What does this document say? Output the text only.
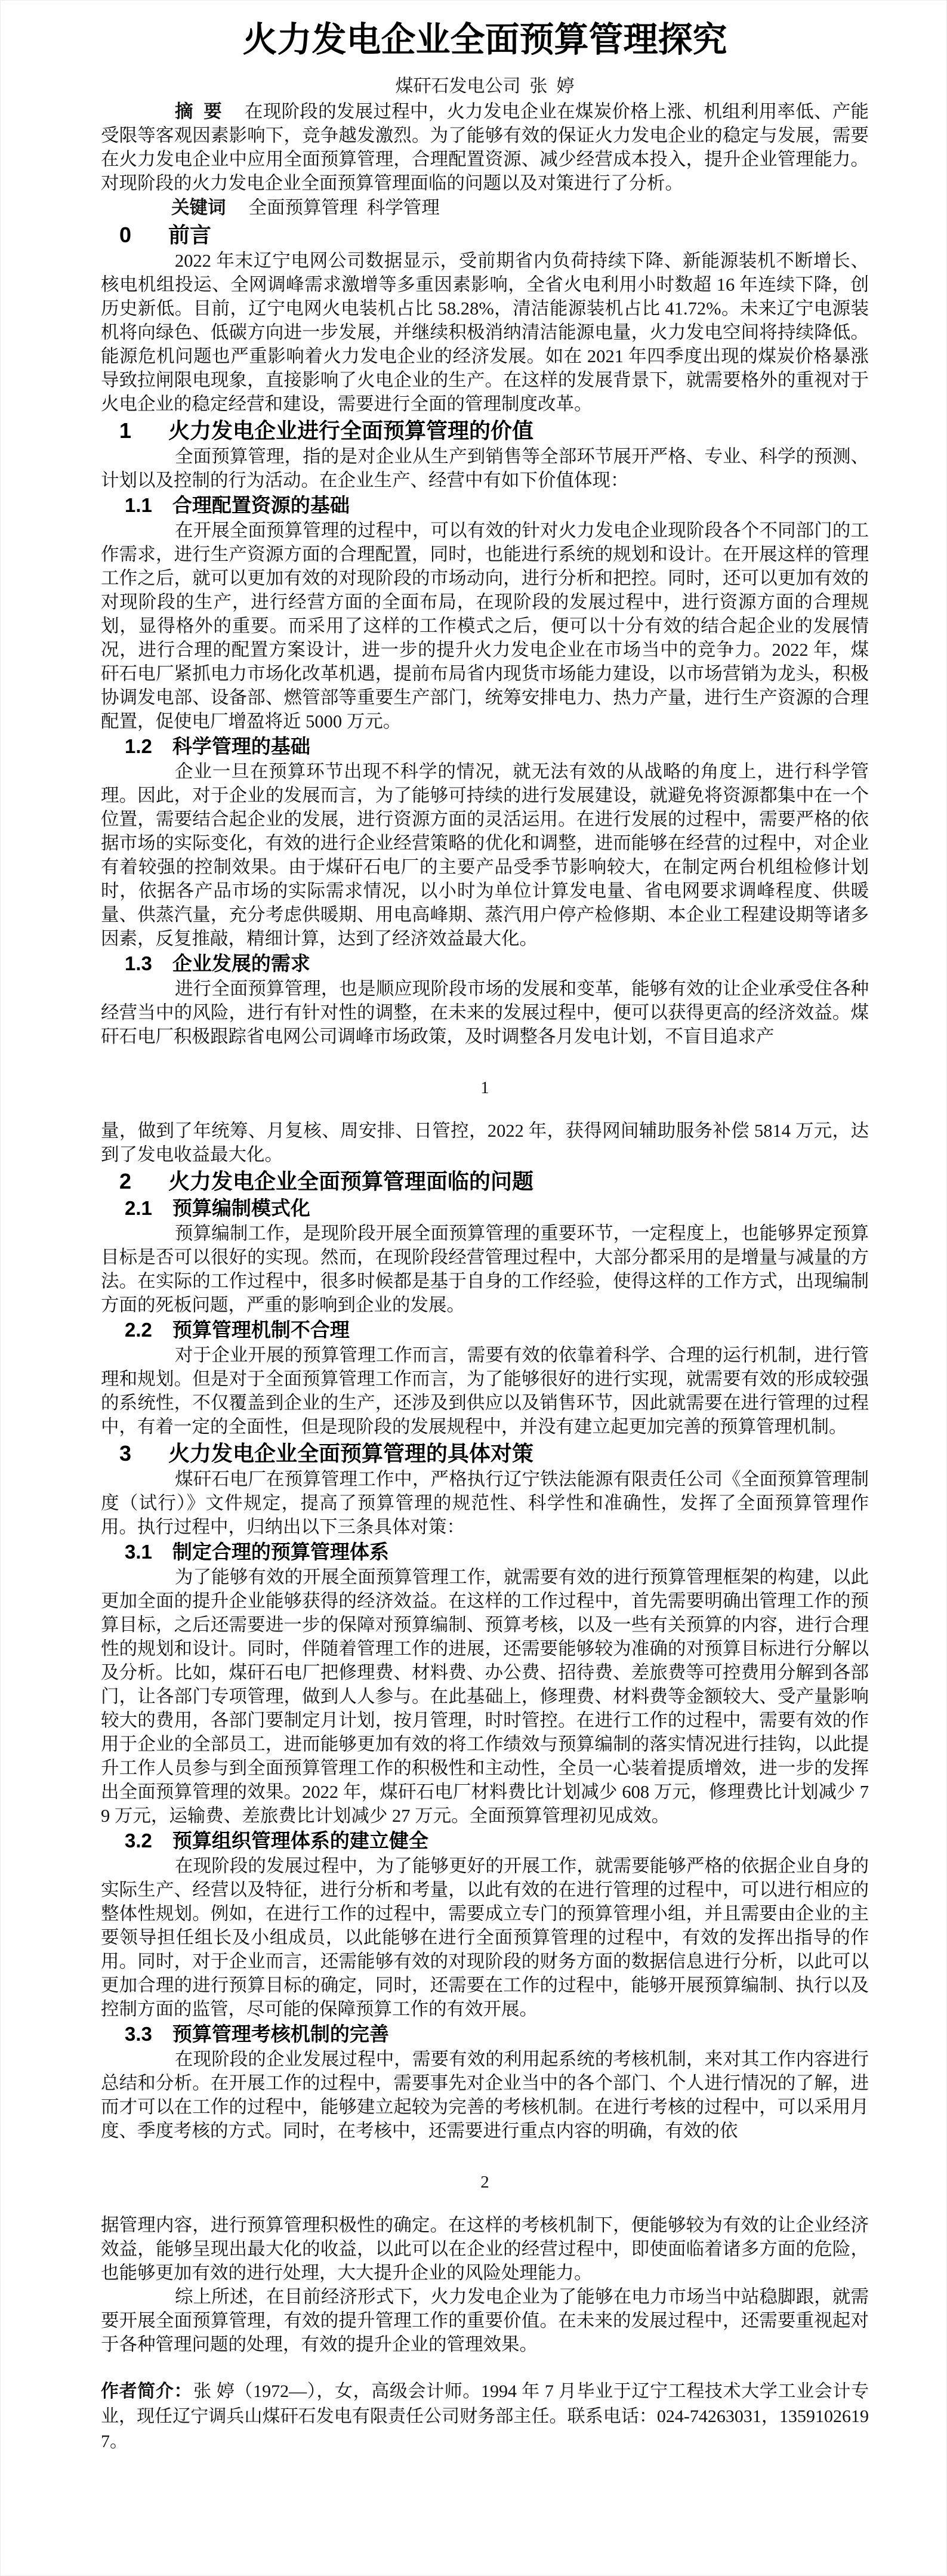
火力发电企业全面预算管理探究
煤矸石发电公司  张  婷

摘  要 在现阶段的发展过程中，火力发电企业在煤炭价格上涨、机组利用率低、产能受限等客观因素影响下，竞争越发激烈。为了能够有效的保证火力发电企业的稳定与发展，需要在火力发电企业中应用全面预算管理，合理配置资源、减少经营成本投入，提升企业管理能力。对现阶段的火力发电企业全面预算管理面临的问题以及对策进行了分析。

关键词 全面预算管理  科学管理

0 前言

2022 年末辽宁电网公司数据显示，受前期省内负荷持续下降、新能源装机不断增长、核电机组投运、全网调峰需求激增等多重因素影响，全省火电利用小时数超 16 年连续下降，创历史新低。目前，辽宁电网火电装机占比 58.28%，清洁能源装机占比 41.72%。未来辽宁电源装机将向绿色、低碳方向进一步发展，并继续积极消纳清洁能源电量，火力发电空间将持续降低。能源危机问题也严重影响着火力发电企业的经济发展。如在 2021 年四季度出现的煤炭价格暴涨导致拉闸限电现象，直接影响了火电企业的生产。在这样的发展背景下，就需要格外的重视对于火电企业的稳定经营和建设，需要进行全面的管理制度改革。

1 火力发电企业进行全面预算管理的价值

全面预算管理，指的是对企业从生产到销售等全部环节展开严格、专业、科学的预测、计划以及控制的行为活动。在企业生产、经营中有如下价值体现：

1.1 合理配置资源的基础

在开展全面预算管理的过程中，可以有效的针对火力发电企业现阶段各个不同部门的工作需求，进行生产资源方面的合理配置，同时，也能进行系统的规划和设计。在开展这样的管理工作之后，就可以更加有效的对现阶段的市场动向，进行分析和把控。同时，还可以更加有效的对现阶段的生产，进行经营方面的全面布局，在现阶段的发展过程中，进行资源方面的合理规划，显得格外的重要。而采用了这样的工作模式之后，便可以十分有效的结合起企业的发展情况，进行合理的配置方案设计，进一步的提升火力发电企业在市场当中的竞争力。2022 年，煤矸石电厂紧抓电力市场化改革机遇，提前布局省内现货市场能力建设，以市场营销为龙头，积极协调发电部、设备部、燃管部等重要生产部门，统筹安排电力、热力产量，进行生产资源的合理配置，促使电厂增盈将近 5000 万元。

1.2 科学管理的基础

企业一旦在预算环节出现不科学的情况，就无法有效的从战略的角度上，进行科学管理。因此，对于企业的发展而言，为了能够可持续的进行发展建设，就避免将资源都集中在一个位置，需要结合起企业的发展，进行资源方面的灵活运用。在进行发展的过程中，需要严格的依据市场的实际变化，有效的进行企业经营策略的优化和调整，进而能够在经营的过程中，对企业有着较强的控制效果。由于煤矸石电厂的主要产品受季节影响较大，在制定两台机组检修计划时，依据各产品市场的实际需求情况，以小时为单位计算发电量、省电网要求调峰程度、供暖量、供蒸汽量，充分考虑供暖期、用电高峰期、蒸汽用户停产检修期、本企业工程建设期等诸多因素，反复推敲，精细计算，达到了经济效益最大化。

1.3 企业发展的需求

进行全面预算管理，也是顺应现阶段市场的发展和变革，能够有效的让企业承受住各种经营当中的风险，进行有针对性的调整，在未来的发展过程中，便可以获得更高的经济效益。煤矸石电厂积极跟踪省电网公司调峰市场政策，及时调整各月发电计划，不盲目追求产

1

量，做到了年统筹、月复核、周安排、日管控，2022 年，获得网间辅助服务补偿 5814 万元，达到了发电收益最大化。

2 火力发电企业全面预算管理面临的问题
2.1 预算编制模式化

预算编制工作，是现阶段开展全面预算管理的重要环节，一定程度上，也能够界定预算目标是否可以很好的实现。然而，在现阶段经营管理过程中，大部分都采用的是增量与减量的方法。在实际的工作过程中，很多时候都是基于自身的工作经验，使得这样的工作方式，出现编制方面的死板问题，严重的影响到企业的发展。

2.2 预算管理机制不合理

对于企业开展的预算管理工作而言，需要有效的依靠着科学、合理的运行机制，进行管理和规划。但是对于全面预算管理工作而言，为了能够很好的进行实现，就需要有效的形成较强的系统性，不仅覆盖到企业的生产，还涉及到供应以及销售环节，因此就需要在进行管理的过程中，有着一定的全面性，但是现阶段的发展规程中，并没有建立起更加完善的预算管理机制。

3 火力发电企业全面预算管理的具体对策

煤矸石电厂在预算管理工作中，严格执行辽宁铁法能源有限责任公司《全面预算管理制度（试行）》文件规定，提高了预算管理的规范性、科学性和准确性，发挥了全面预算管理作用。执行过程中，归纳出以下三条具体对策：

3.1 制定合理的预算管理体系

为了能够有效的开展全面预算管理工作，就需要有效的进行预算管理框架的构建，以此更加全面的提升企业能够获得的经济效益。在这样的工作过程中，首先需要明确出管理工作的预算目标，之后还需要进一步的保障对预算编制、预算考核，以及一些有关预算的内容，进行合理性的规划和设计。同时，伴随着管理工作的进展，还需要能够较为准确的对预算目标进行分解以及分析。比如，煤矸石电厂把修理费、材料费、办公费、招待费、差旅费等可控费用分解到各部门，让各部门专项管理，做到人人参与。在此基础上，修理费、材料费等金额较大、受产量影响较大的费用，各部门要制定月计划，按月管理，时时管控。在进行工作的过程中，需要有效的作用于企业的全部员工，进而能够更加有效的将工作绩效与预算编制的落实情况进行挂钩，以此提升工作人员参与到全面预算管理工作的积极性和主动性，全员一心装着提质增效，进一步的发挥出全面预算管理的效果。2022 年，煤矸石电厂材料费比计划减少 608 万元，修理费比计划减少 79 万元，运输费、差旅费比计划减少 27 万元。全面预算管理初见成效。

3.2 预算组织管理体系的建立健全

在现阶段的发展过程中，为了能够更好的开展工作，就需要能够严格的依据企业自身的实际生产、经营以及特征，进行分析和考量，以此有效的在进行管理的过程中，可以进行相应的整体性规划。例如，在进行工作的过程中，需要成立专门的预算管理小组，并且需要由企业的主要领导担任组长及小组成员，以此能够在进行全面预算管理的过程中，有效的发挥出指导的作用。同时，对于企业而言，还需能够有效的对现阶段的财务方面的数据信息进行分析，以此可以更加合理的进行预算目标的确定，同时，还需要在工作的过程中，能够开展预算编制、执行以及控制方面的监管，尽可能的保障预算工作的有效开展。

3.3 预算管理考核机制的完善

在现阶段的企业发展过程中，需要有效的利用起系统的考核机制，来对其工作内容进行总结和分析。在开展工作的过程中，需要事先对企业当中的各个部门、个人进行情况的了解，进而才可以在工作的过程中，能够建立起较为完善的考核机制。在进行考核的过程中，可以采用月度、季度考核的方式。同时，在考核中，还需要进行重点内容的明确，有效的依

2

据管理内容，进行预算管理积极性的确定。在这样的考核机制下，便能够较为有效的让企业经济效益，能够呈现出最大化的收益，以此可以在企业的经营过程中，即使面临着诸多方面的危险，也能够更加有效的进行处理，大大提升企业的风险处理能力。

综上所述，在目前经济形式下，火力发电企业为了能够在电力市场当中站稳脚跟，就需要开展全面预算管理，有效的提升管理工作的重要价值。在未来的发展过程中，还需要重视起对于各种管理问题的处理，有效的提升企业的管理效果。

作者简介：张 婷（1972—），女，高级会计师。1994 年 7 月毕业于辽宁工程技术大学工业会计专业，现任辽宁调兵山煤矸石发电有限责任公司财务部主任。联系电话：024-74263031，13591026197。
